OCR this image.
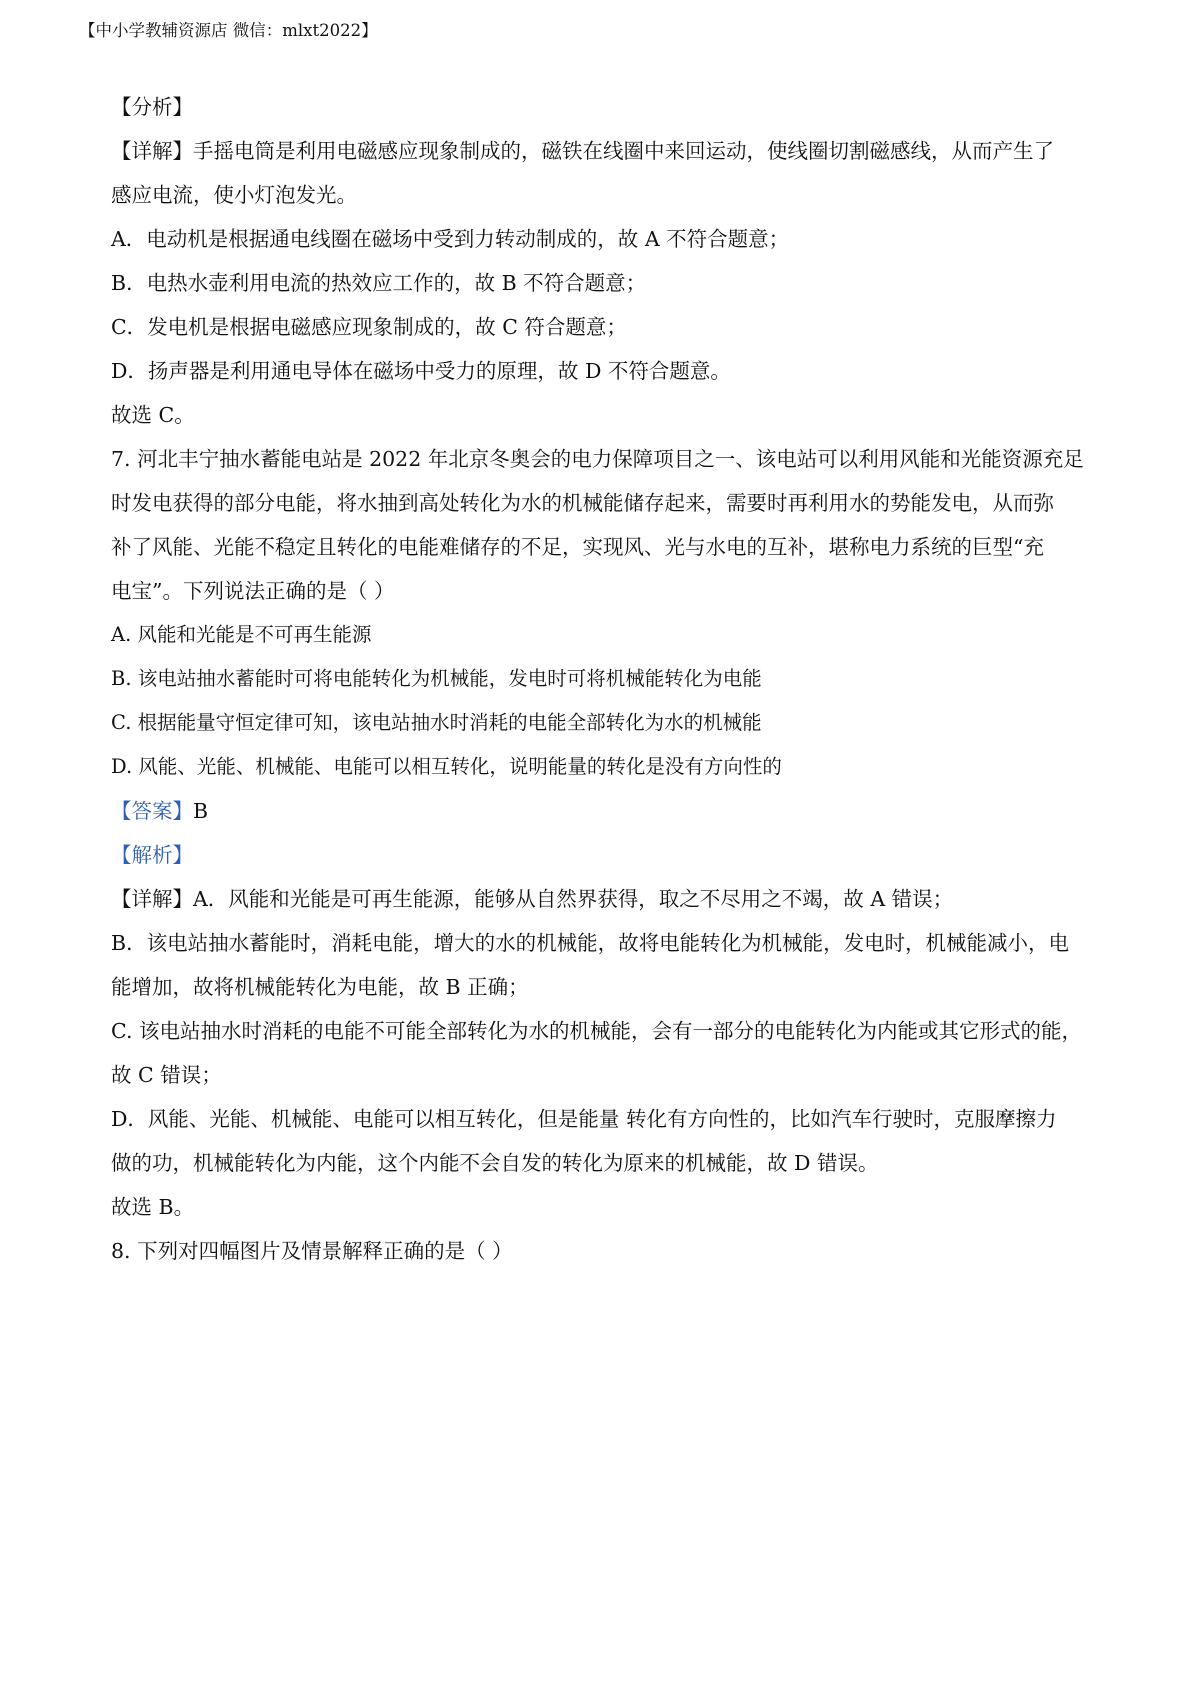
【中小学教辅资源店 微信：mlxt2022】
【分析】
【详解】手摇电筒是利用电磁感应现象制成的，磁铁在线圈中来回运动，使线圈切割磁感线，从而产生了
感应电流，使小灯泡发光。
A．电动机是根据通电线圈在磁场中受到力转动制成的，故 A 不符合题意；
B．电热水壶利用电流的热效应工作的，故 B 不符合题意；
C．发电机是根据电磁感应现象制成的，故 C 符合题意；
D．扬声器是利用通电导体在磁场中受力的原理，故 D 不符合题意。
故选 C。
7. 河北丰宁抽水蓄能电站是 2022 年北京冬奥会的电力保障项目之一、该电站可以利用风能和光能资源充足
时发电获得的部分电能，将水抽到高处转化为水的机械能储存起来，需要时再利用水的势能发电，从而弥
补了风能、光能不稳定且转化的电能难储存的不足，实现风、光与水电的互补，堪称电力系统的巨型“充
电宝”。下列说法正确的是（ ）
A. 风能和光能是不可再生能源
B. 该电站抽水蓄能时可将电能转化为机械能，发电时可将机械能转化为电能
C. 根据能量守恒定律可知，该电站抽水时消耗的电能全部转化为水的机械能
D. 风能、光能、机械能、电能可以相互转化，说明能量的转化是没有方向性的
【答案】B
【解析】
【详解】A．风能和光能是可再生能源，能够从自然界获得，取之不尽用之不竭，故 A 错误；
B．该电站抽水蓄能时，消耗电能，增大的水的机械能，故将电能转化为机械能，发电时，机械能减小，电
能增加，故将机械能转化为电能，故 B 正确；
C. 该电站抽水时消耗的电能不可能全部转化为水的机械能，会有一部分的电能转化为内能或其它形式的能，
故 C 错误；
D．风能、光能、机械能、电能可以相互转化，但是能量 转化有方向性的，比如汽车行驶时，克服摩擦力
做的功，机械能转化为内能，这个内能不会自发的转化为原来的机械能，故 D 错误。
故选 B。
8. 下列对四幅图片及情景解释正确的是（ ）
